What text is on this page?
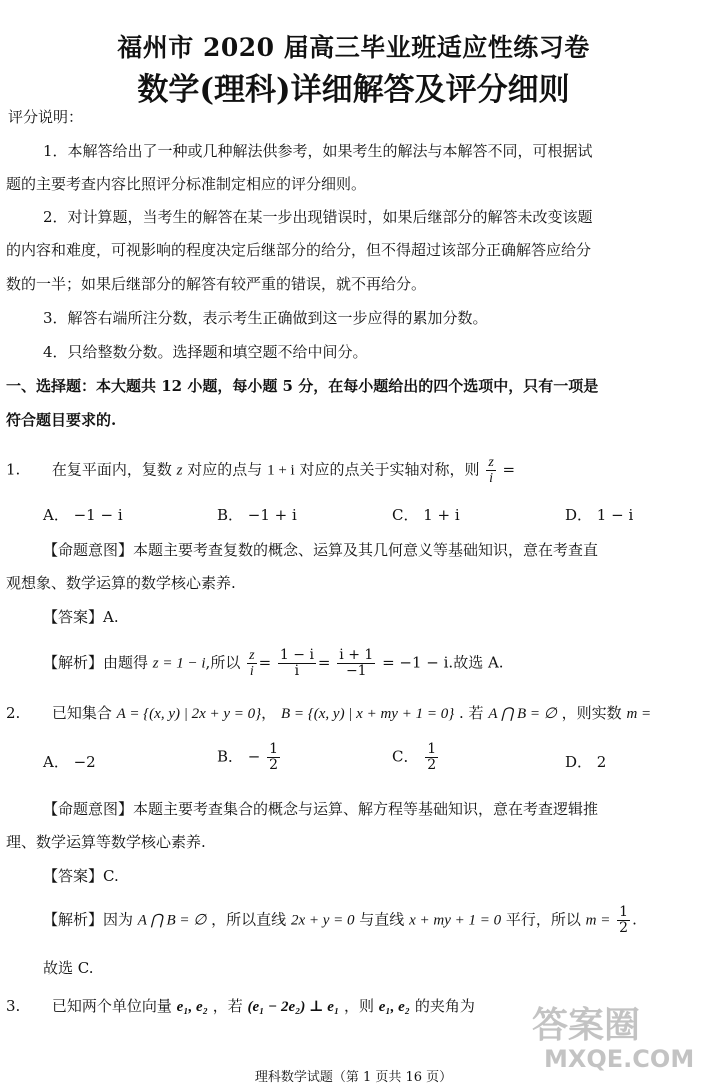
福州市 2020 届高三毕业班适应性练习卷
数学(理科)详细解答及评分细则
评分说明：
1．本解答给出了一种或几种解法供参考，如果考生的解法与本解答不同，可根据试
题的主要考查内容比照评分标准制定相应的评分细则。
2．对计算题，当考生的解答在某一步出现错误时，如果后继部分的解答未改变该题
的内容和难度，可视影响的程度决定后继部分的给分，但不得超过该部分正确解答应给分
数的一半；如果后继部分的解答有较严重的错误，就不再给分。
3．解答右端所注分数，表示考生正确做到这一步应得的累加分数。
4．只给整数分数。选择题和填空题不给中间分。
一、选择题：本大题共 12 小题，每小题 5 分，在每小题给出的四个选项中，只有一项是
符合题目要求的.
1. 在复平面内，复数 z 对应的点与 1 + i 对应的点关于实轴对称，则 $\frac{z}{i}$ =
A． −1 − i	B． −1 + i	C． 1 + i	D． 1 − i
【命题意图】本题主要考查复数的概念、运算及其几何意义等基础知识，意在考查直
观想象、数学运算的数学核心素养.
【答案】A.
【解析】由题得 z = 1 − i,所以 $\frac{z}{i} = \frac{1 - i}{i} = \frac{i + 1}{-1} = -1 - i$.故选 A.
2. 已知集合 A = {(x, y) | 2x + y = 0}， B = {(x, y) | x + my + 1 = 0} . 若 A ⋂ B = ∅ ，则实数 m =
A． −2	B． − $\frac{1}{2}$	C． $\frac{1}{2}$	D． 2
【命题意图】本题主要考查集合的概念与运算、解方程等基础知识，意在考查逻辑推
理、数学运算等数学核心素养.
【答案】C.
【解析】因为 A ⋂ B = ∅ ，所以直线 2x + y = 0 与直线 x + my + 1 = 0 平行，所以 $m = \frac{1}{2}$ .
故选 C.
3. 已知两个单位向量 e₁, e₂ ，若 (e₁ − 2e₂) ⊥ e₁ ，则 e₁, e₂ 的夹角为 答案圈
MXQE.COM
理科数学试题（第 1 页共 16 页）
